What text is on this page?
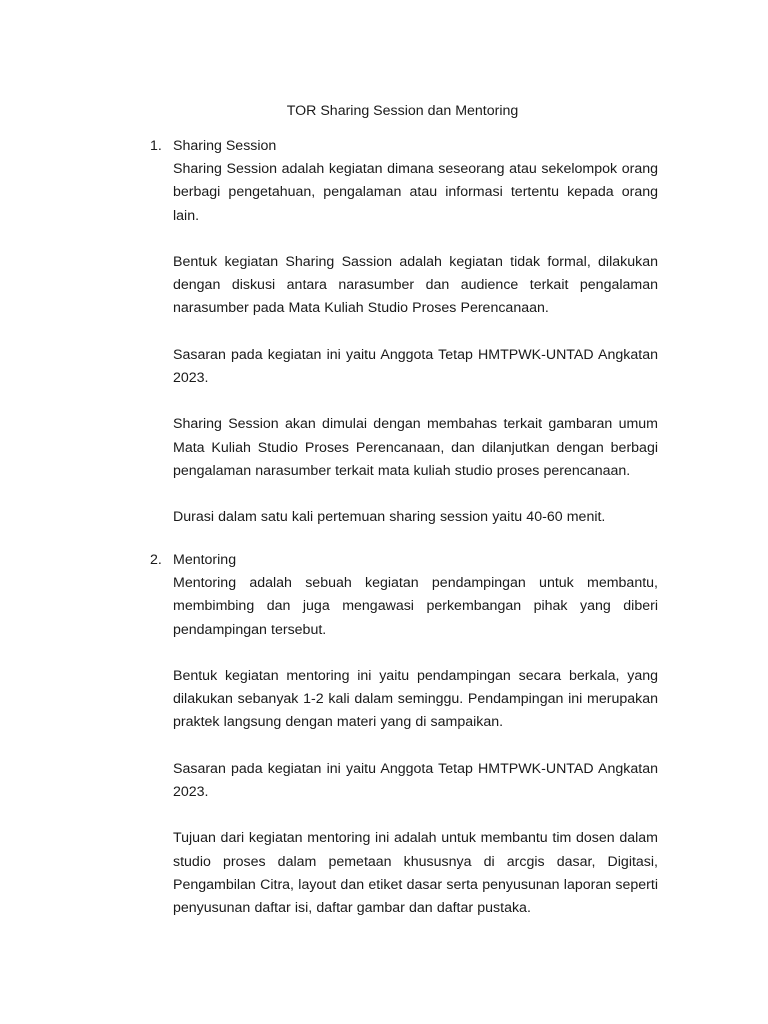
TOR Sharing Session dan Mentoring
1. Sharing Session

Sharing Session adalah kegiatan dimana seseorang atau sekelompok orang berbagi pengetahuan, pengalaman atau informasi tertentu kepada orang lain.

Bentuk kegiatan Sharing Sassion adalah kegiatan tidak formal, dilakukan dengan diskusi antara narasumber dan audience terkait pengalaman narasumber pada Mata Kuliah Studio Proses Perencanaan.

Sasaran pada kegiatan ini yaitu Anggota Tetap HMTPWK-UNTAD Angkatan 2023.

Sharing Session akan dimulai dengan membahas terkait gambaran umum Mata Kuliah Studio Proses Perencanaan, dan dilanjutkan dengan berbagi pengalaman narasumber terkait mata kuliah studio proses perencanaan.

Durasi dalam satu kali pertemuan sharing session yaitu 40-60 menit.

2. Mentoring

Mentoring adalah sebuah kegiatan pendampingan untuk membantu, membimbing dan juga mengawasi perkembangan pihak yang diberi pendampingan tersebut.

Bentuk kegiatan mentoring ini yaitu pendampingan secara berkala, yang dilakukan sebanyak 1-2 kali dalam seminggu. Pendampingan ini merupakan praktek langsung dengan materi yang di sampaikan.

Sasaran pada kegiatan ini yaitu Anggota Tetap HMTPWK-UNTAD Angkatan 2023.

Tujuan dari kegiatan mentoring ini adalah untuk membantu tim dosen dalam studio proses dalam pemetaan khususnya di arcgis dasar, Digitasi, Pengambilan Citra, layout dan etiket dasar serta penyusunan laporan seperti penyusunan daftar isi, daftar gambar dan daftar pustaka.
